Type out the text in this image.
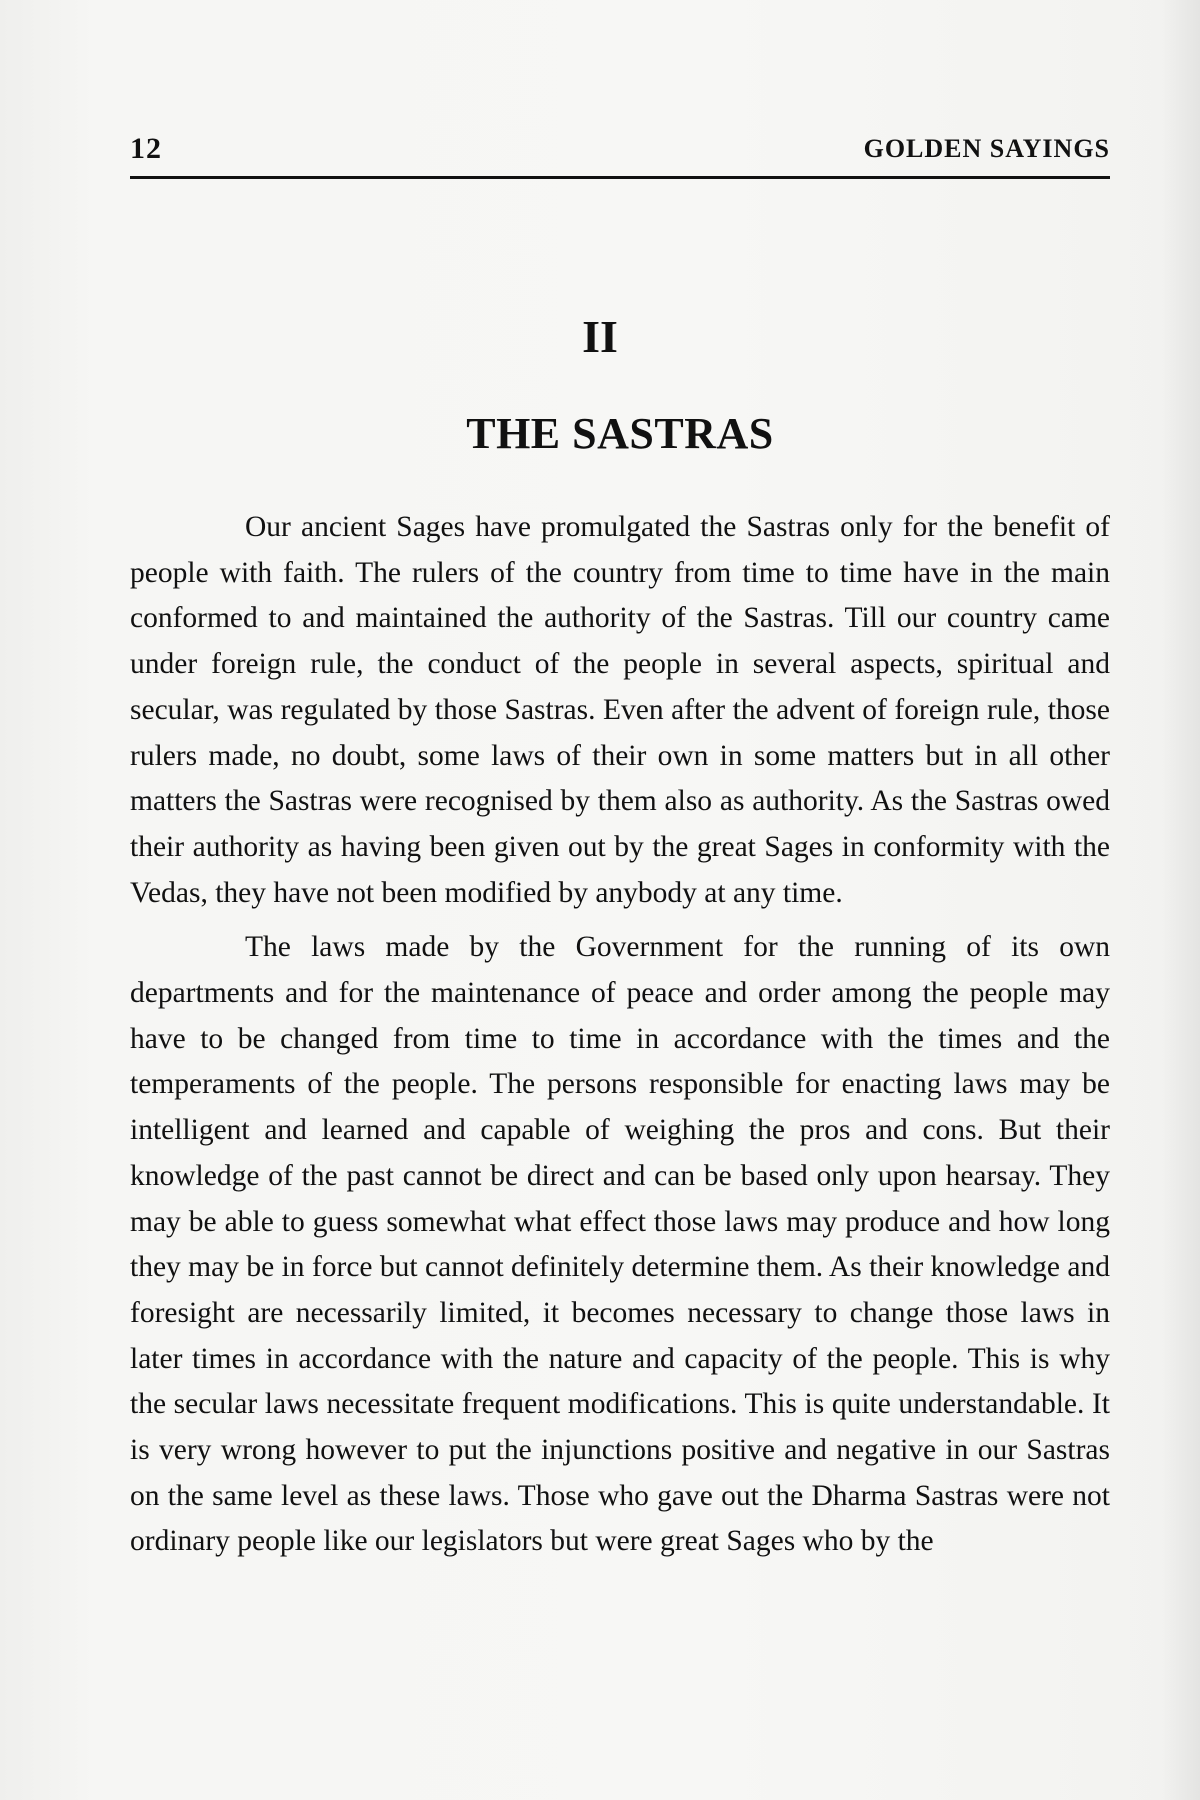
12	GOLDEN SAYINGS
II
THE SASTRAS

Our ancient Sages have promulgated the Sastras only for the benefit of people with faith. The rulers of the country from time to time have in the main conformed to and maintained the authority of the Sastras. Till our country came under foreign rule, the conduct of the people in several aspects, spiritual and secular, was regulated by those Sastras. Even after the advent of foreign rule, those rulers made, no doubt, some laws of their own in some matters but in all other matters the Sastras were recognised by them also as authority. As the Sastras owed their authority as having been given out by the great Sages in conformity with the Vedas, they have not been modified by anybody at any time.

The laws made by the Government for the running of its own departments and for the maintenance of peace and order among the people may have to be changed from time to time in accordance with the times and the temperaments of the people. The persons responsible for enacting laws may be intelligent and learned and capable of weighing the pros and cons. But their knowledge of the past cannot be direct and can be based only upon hearsay. They may be able to guess somewhat what effect those laws may produce and how long they may be in force but cannot definitely determine them. As their knowledge and foresight are necessarily limited, it becomes necessary to change those laws in later times in accordance with the nature and capacity of the people. This is why the secular laws necessitate frequent modifications. This is quite understandable. It is very wrong however to put the injunctions positive and negative in our Sastras on the same level as these laws. Those who gave out the Dharma Sastras were not ordinary people like our legislators but were great Sages who by the
